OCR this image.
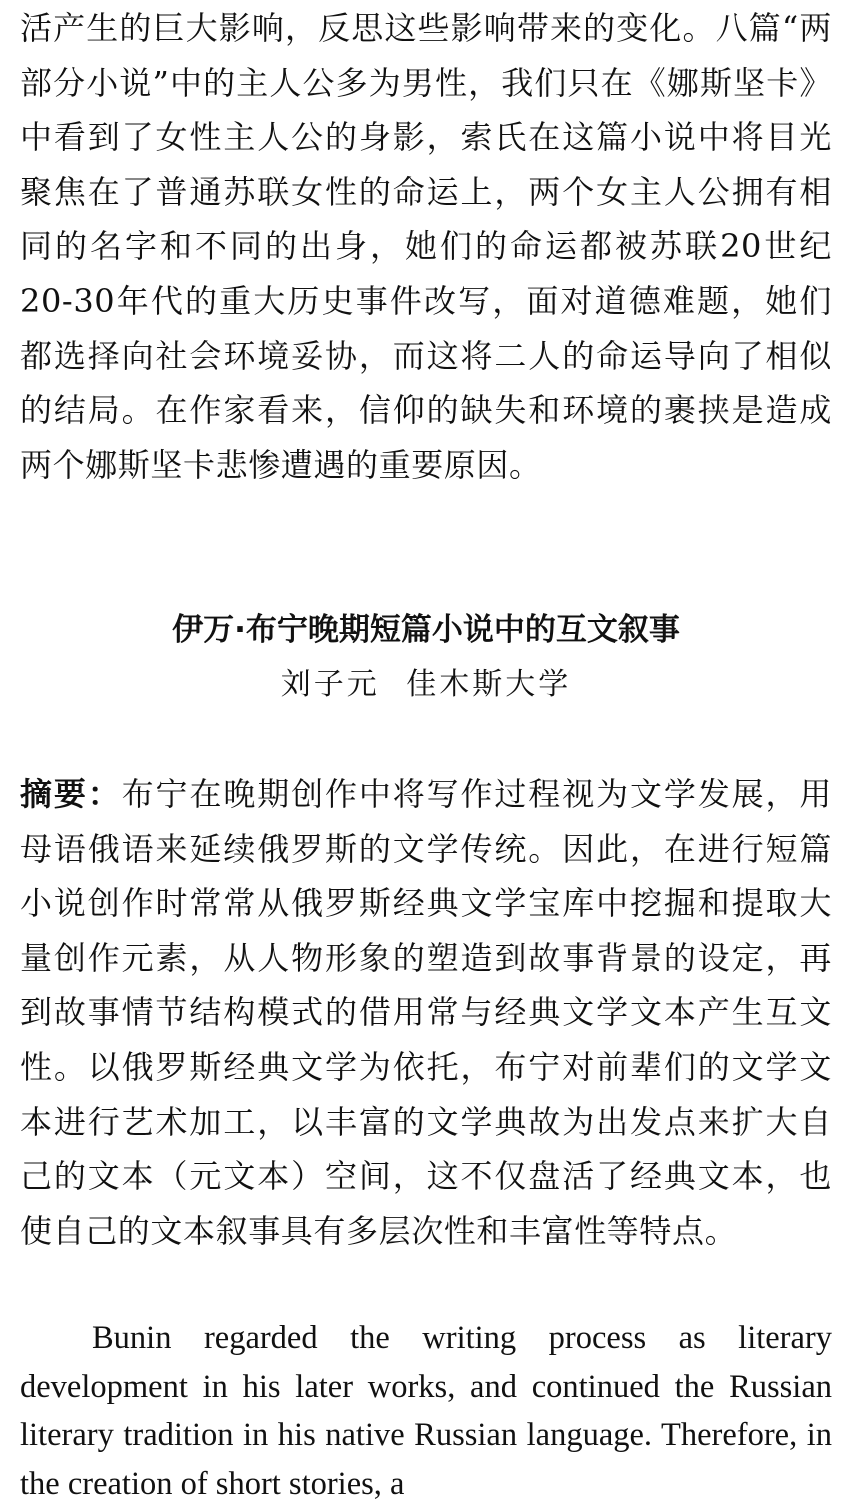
活产生的巨大影响，反思这些影响带来的变化。八篇“两部分小说”中的主人公多为男性，我们只在《娜斯坚卡》中看到了女性主人公的身影，索氏在这篇小说中将目光聚焦在了普通苏联女性的命运上，两个女主人公拥有相同的名字和不同的出身，她们的命运都被苏联20世纪20-30年代的重大历史事件改写，面对道德难题，她们都选择向社会环境妥协，而这将二人的命运导向了相似的结局。在作家看来，信仰的缺失和环境的裹挟是造成两个娜斯坚卡悲惨遭遇的重要原因。

伊万·布宁晚期短篇小说中的互文叙事
刘子元 佳木斯大学

摘要：布宁在晚期创作中将写作过程视为文学发展，用母语俄语来延续俄罗斯的文学传统。因此，在进行短篇小说创作时常常从俄罗斯经典文学宝库中挖掘和提取大量创作元素，从人物形象的塑造到故事背景的设定，再到故事情节结构模式的借用常与经典文学文本产生互文性。以俄罗斯经典文学为依托，布宁对前辈们的文学文本进行艺术加工，以丰富的文学典故为出发点来扩大自己的文本（元文本）空间，这不仅盘活了经典文本，也使自己的文本叙事具有多层次性和丰富性等特点。

Bunin regarded the writing process as literary development in his later works, and continued the Russian literary tradition in his native Russian language. Therefore, in the creation of short stories, a
